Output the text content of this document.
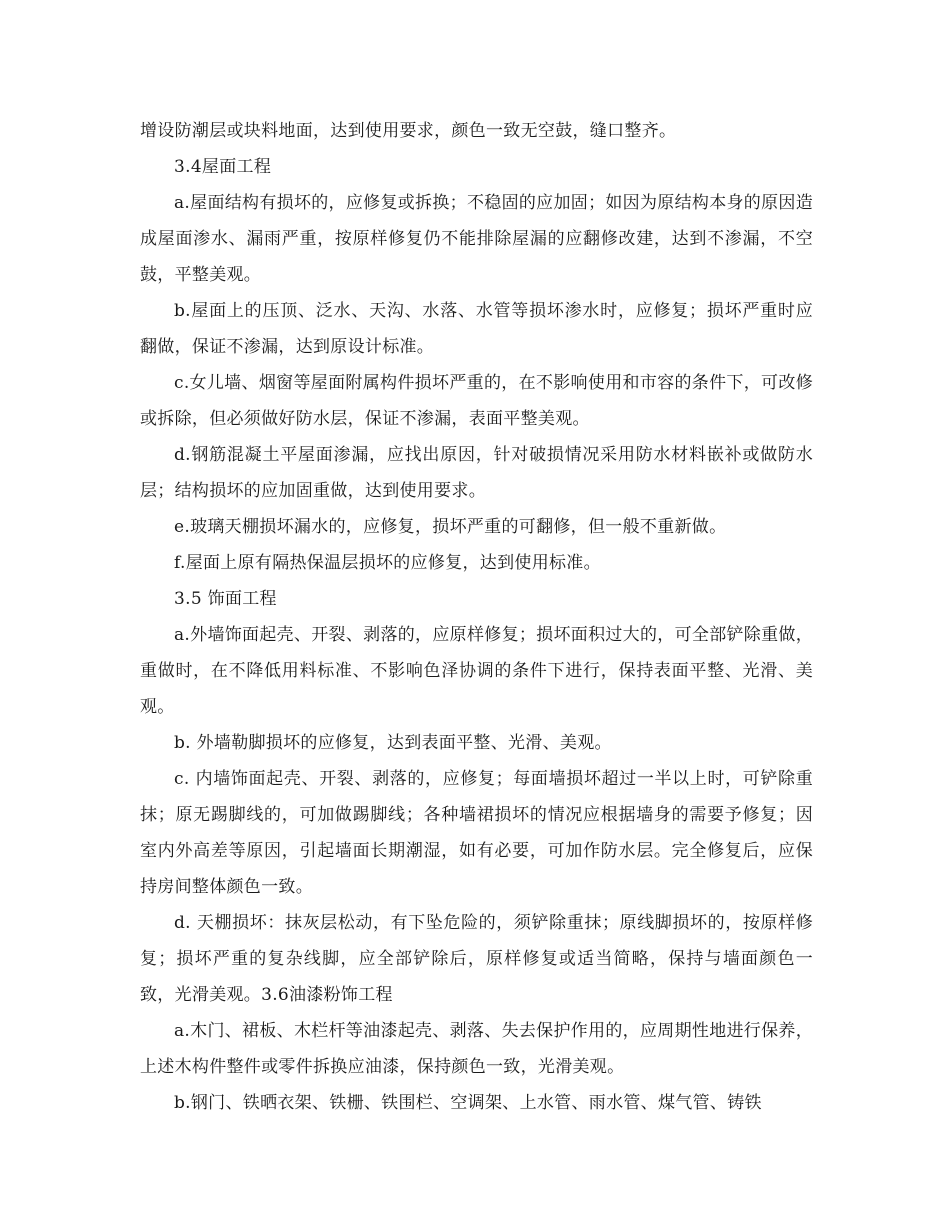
增设防潮层或块料地面，达到使用要求，颜色一致无空鼓，缝口整齐。

3.4屋面工程

a.屋面结构有损坏的，应修复或拆换；不稳固的应加固；如因为原结构本身的原因造成屋面渗水、漏雨严重，按原样修复仍不能排除屋漏的应翻修改建，达到不渗漏，不空鼓，平整美观。

b.屋面上的压顶、泛水、天沟、水落、水管等损坏渗水时，应修复；损坏严重时应翻做，保证不渗漏，达到原设计标准。

c.女儿墙、烟窗等屋面附属构件损坏严重的，在不影响使用和市容的条件下，可改修或拆除，但必须做好防水层，保证不渗漏，表面平整美观。

d.钢筋混凝土平屋面渗漏，应找出原因，针对破损情况采用防水材料嵌补或做防水层；结构损坏的应加固重做，达到使用要求。

e.玻璃天棚损坏漏水的，应修复，损坏严重的可翻修，但一般不重新做。

f.屋面上原有隔热保温层损坏的应修复，达到使用标准。

3.5 饰面工程

a.外墙饰面起壳、开裂、剥落的，应原样修复；损坏面积过大的，可全部铲除重做，重做时，在不降低用料标准、不影响色泽协调的条件下进行，保持表面平整、光滑、美观。

b. 外墙勒脚损坏的应修复，达到表面平整、光滑、美观。

c. 内墙饰面起壳、开裂、剥落的，应修复；每面墙损坏超过一半以上时，可铲除重抹；原无踢脚线的，可加做踢脚线；各种墙裙损坏的情况应根据墙身的需要予修复；因室内外高差等原因，引起墙面长期潮湿，如有必要，可加作防水层。完全修复后，应保持房间整体颜色一致。

d. 天棚损坏：抹灰层松动，有下坠危险的，须铲除重抹；原线脚损坏的，按原样修复；损坏严重的复杂线脚，应全部铲除后，原样修复或适当简略，保持与墙面颜色一致，光滑美观。3.6油漆粉饰工程

a.木门、裙板、木栏杆等油漆起壳、剥落、失去保护作用的，应周期性地进行保养，上述木构件整件或零件拆换应油漆，保持颜色一致，光滑美观。

b.钢门、铁晒衣架、铁栅、铁围栏、空调架、上水管、雨水管、煤气管、铸铁
